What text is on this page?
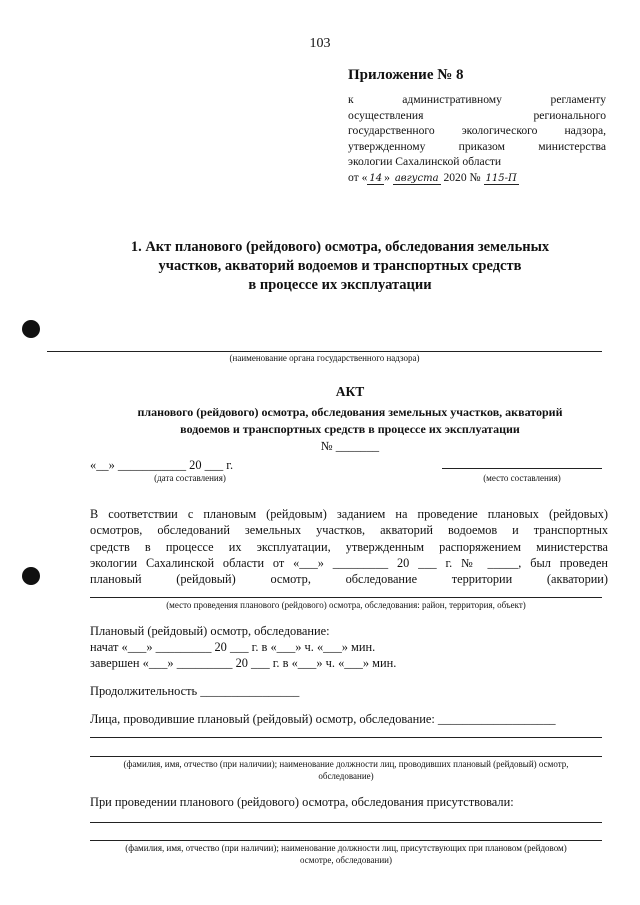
103
Приложение № 8
к административному регламенту
осуществления регионального
государственного экологического надзора,
утвержденному приказом министерства
экологии Сахалинской области
от « 14 » августа 2020 № 115-П
1. Акт планового (рейдового) осмотра, обследования земельных
участков, акваторий водоемов и транспортных средств
в процессе их эксплуатации
(наименование органа государственного надзора)
АКТ
планового (рейдового) осмотра, обследования земельных участков, акваторий
водоемов и транспортных средств в процессе их эксплуатации
№ _______
«__» ___________ 20 ___ г.
(дата составления)	(место составления)
В соответствии с плановым (рейдовым) заданием на проведение плановых (рейдовых)
осмотров, обследований земельных участков, акваторий водоемов и транспортных
средств в процессе их эксплуатации, утвержденным распоряжением министерства
экологии Сахалинской области от «___» _________ 20 ___ г. № _____, был проведен
плановый (рейдовый) осмотр, обследование территории (акватории)
(место проведения планового (рейдового) осмотра, обследования: район, территория, объект)
Плановый (рейдовый) осмотр, обследование:
начат «___» _________ 20 ___ г. в «___» ч. «___» мин.
завершен «___» _________ 20 ___ г. в «___» ч. «___» мин.
Продолжительность ________________
Лица, проводившие плановый (рейдовый) осмотр, обследование: ___________________
(фамилия, имя, отчество (при наличии); наименование должности лиц, проводивших плановый (рейдовый) осмотр,
обследование)
При проведении планового (рейдового) осмотра, обследования присутствовали:
(фамилия, имя, отчество (при наличии); наименование должности лиц, присутствующих при плановом (рейдовом)
осмотре, обследовании)
